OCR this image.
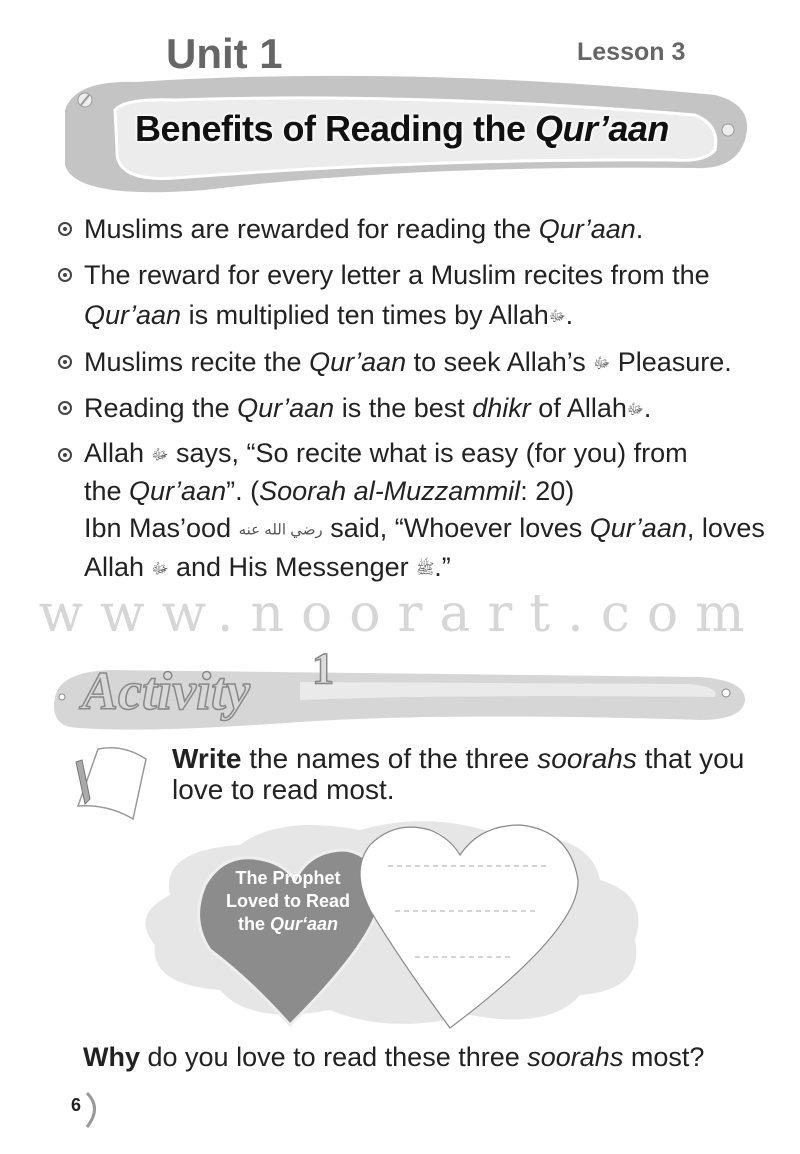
Unit 1	Lesson 3
Benefits of Reading the Qur’aan
Muslims are rewarded for reading the Qur’aan.
The reward for every letter a Muslim recites from the
Qur’aan is multiplied ten times by Allahﷻ.
Muslims recite the Qur’aan to seek Allah’s ﷻ Pleasure.
Reading the Qur’aan is the best dhikr of Allahﷻ.
Allah ﷻ says, “So recite what is easy (for you) from
the Qur’aan”. (Soorah al-Muzzammil: 20)
Ibn Mas’ood رضي الله عنه said, “Whoever loves Qur’aan, loves
Allah ﷻ and His Messenger ﷺ.”
www.noorart.com
Activity 1
Write the names of the three soorahs that you love to read most.
The Prophet
Loved to Read
the Qur‘aan
Why do you love to read these three soorahs most?
6
